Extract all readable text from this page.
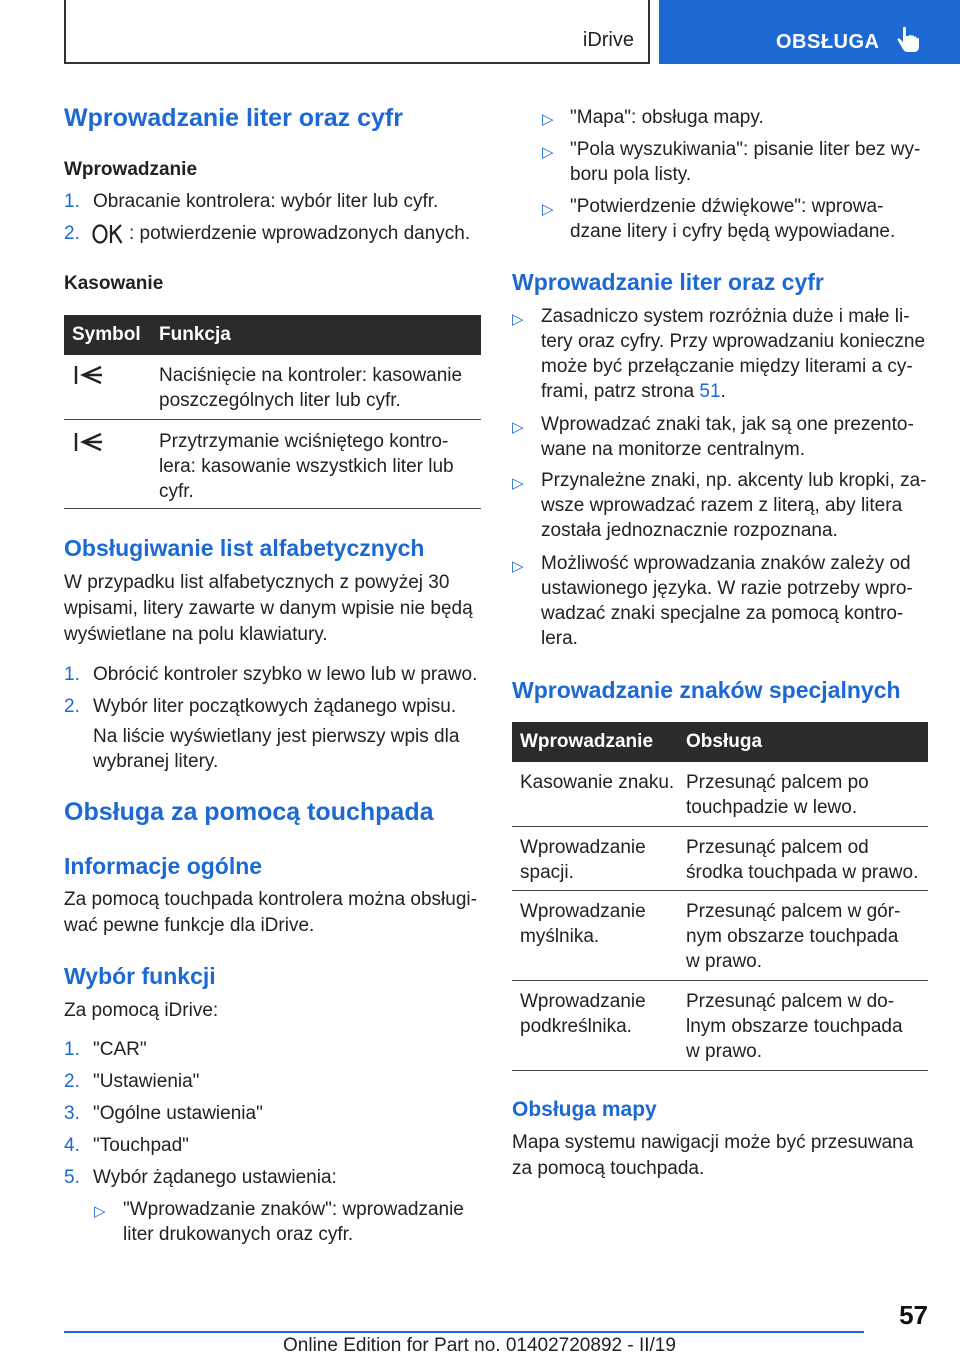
iDrive	OBSŁUGA
Wprowadzanie liter oraz cyfr
Wprowadzanie
1. Obracanie kontrolera: wybór liter lub cyfr.
2.	: potwierdzenie wprowadzonych danych.
Kasowanie
Symbol Funkcja
Naciśnięcie na kontroler: kasowanie
poszczególnych liter lub cyfr.
Przytrzymanie wciśniętego kontro-
lera: kasowanie wszystkich liter lub
cyfr.
Obsługiwanie list alfabetycznych
W przypadku list alfabetycznych z powyżej 30
wpisami, litery zawarte w danym wpisie nie będą
wyświetlane na polu klawiatury.
1. Obrócić kontroler szybko w lewo lub w prawo.
2. Wybór liter początkowych żądanego wpisu.
Na liście wyświetlany jest pierwszy wpis dla
wybranej litery.
Obsługa za pomocą touchpada
Informacje ogólne
Za pomocą touchpada kontrolera można obsługi-
wać pewne funkcje dla iDrive.
Wybór funkcji
Za pomocą iDrive:
1. "CAR"
2. "Ustawienia"
3. "Ogólne ustawienia"
4. "Touchpad"
5. Wybór żądanego ustawienia:
▷ "Wprowadzanie znaków": wprowadzanie
liter drukowanych oraz cyfr.
▷ "Mapa": obsługa mapy.
▷ "Pola wyszukiwania": pisanie liter bez wy-
boru pola listy.
▷ "Potwierdzenie dźwiękowe": wprowa-
dzane litery i cyfry będą wypowiadane.
Wprowadzanie liter oraz cyfr
▷ Zasadniczo system rozróżnia duże i małe li-
tery oraz cyfry. Przy wprowadzaniu konieczne
może być przełączanie między literami a cy-
frami, patrz strona 51.
▷ Wprowadzać znaki tak, jak są one prezento-
wane na monitorze centralnym.
▷ Przynależne znaki, np. akcenty lub kropki, za-
wsze wprowadzać razem z literą, aby litera
została jednoznacznie rozpoznana.
▷ Możliwość wprowadzania znaków zależy od
ustawionego języka. W razie potrzeby wpro-
wadzać znaki specjalne za pomocą kontro-
lera.
Wprowadzanie znaków specjalnych
Wprowadzanie Obsługa
Kasowanie znaku. Przesunąć palcem po
touchpadzie w lewo.
Wprowadzanie
spacji.
Przesunąć palcem od
środka touchpada w prawo.
Wprowadzanie
myślnika.
Przesunąć palcem w gór-
nym obszarze touchpada
w prawo.
Wprowadzanie
podkreślnika.
Przesunąć palcem w do-
lnym obszarze touchpada
w prawo.
Obsługa mapy
Mapa systemu nawigacji może być przesuwana
za pomocą touchpada.
57
Online Edition for Part no. 01402720892 - II/19
